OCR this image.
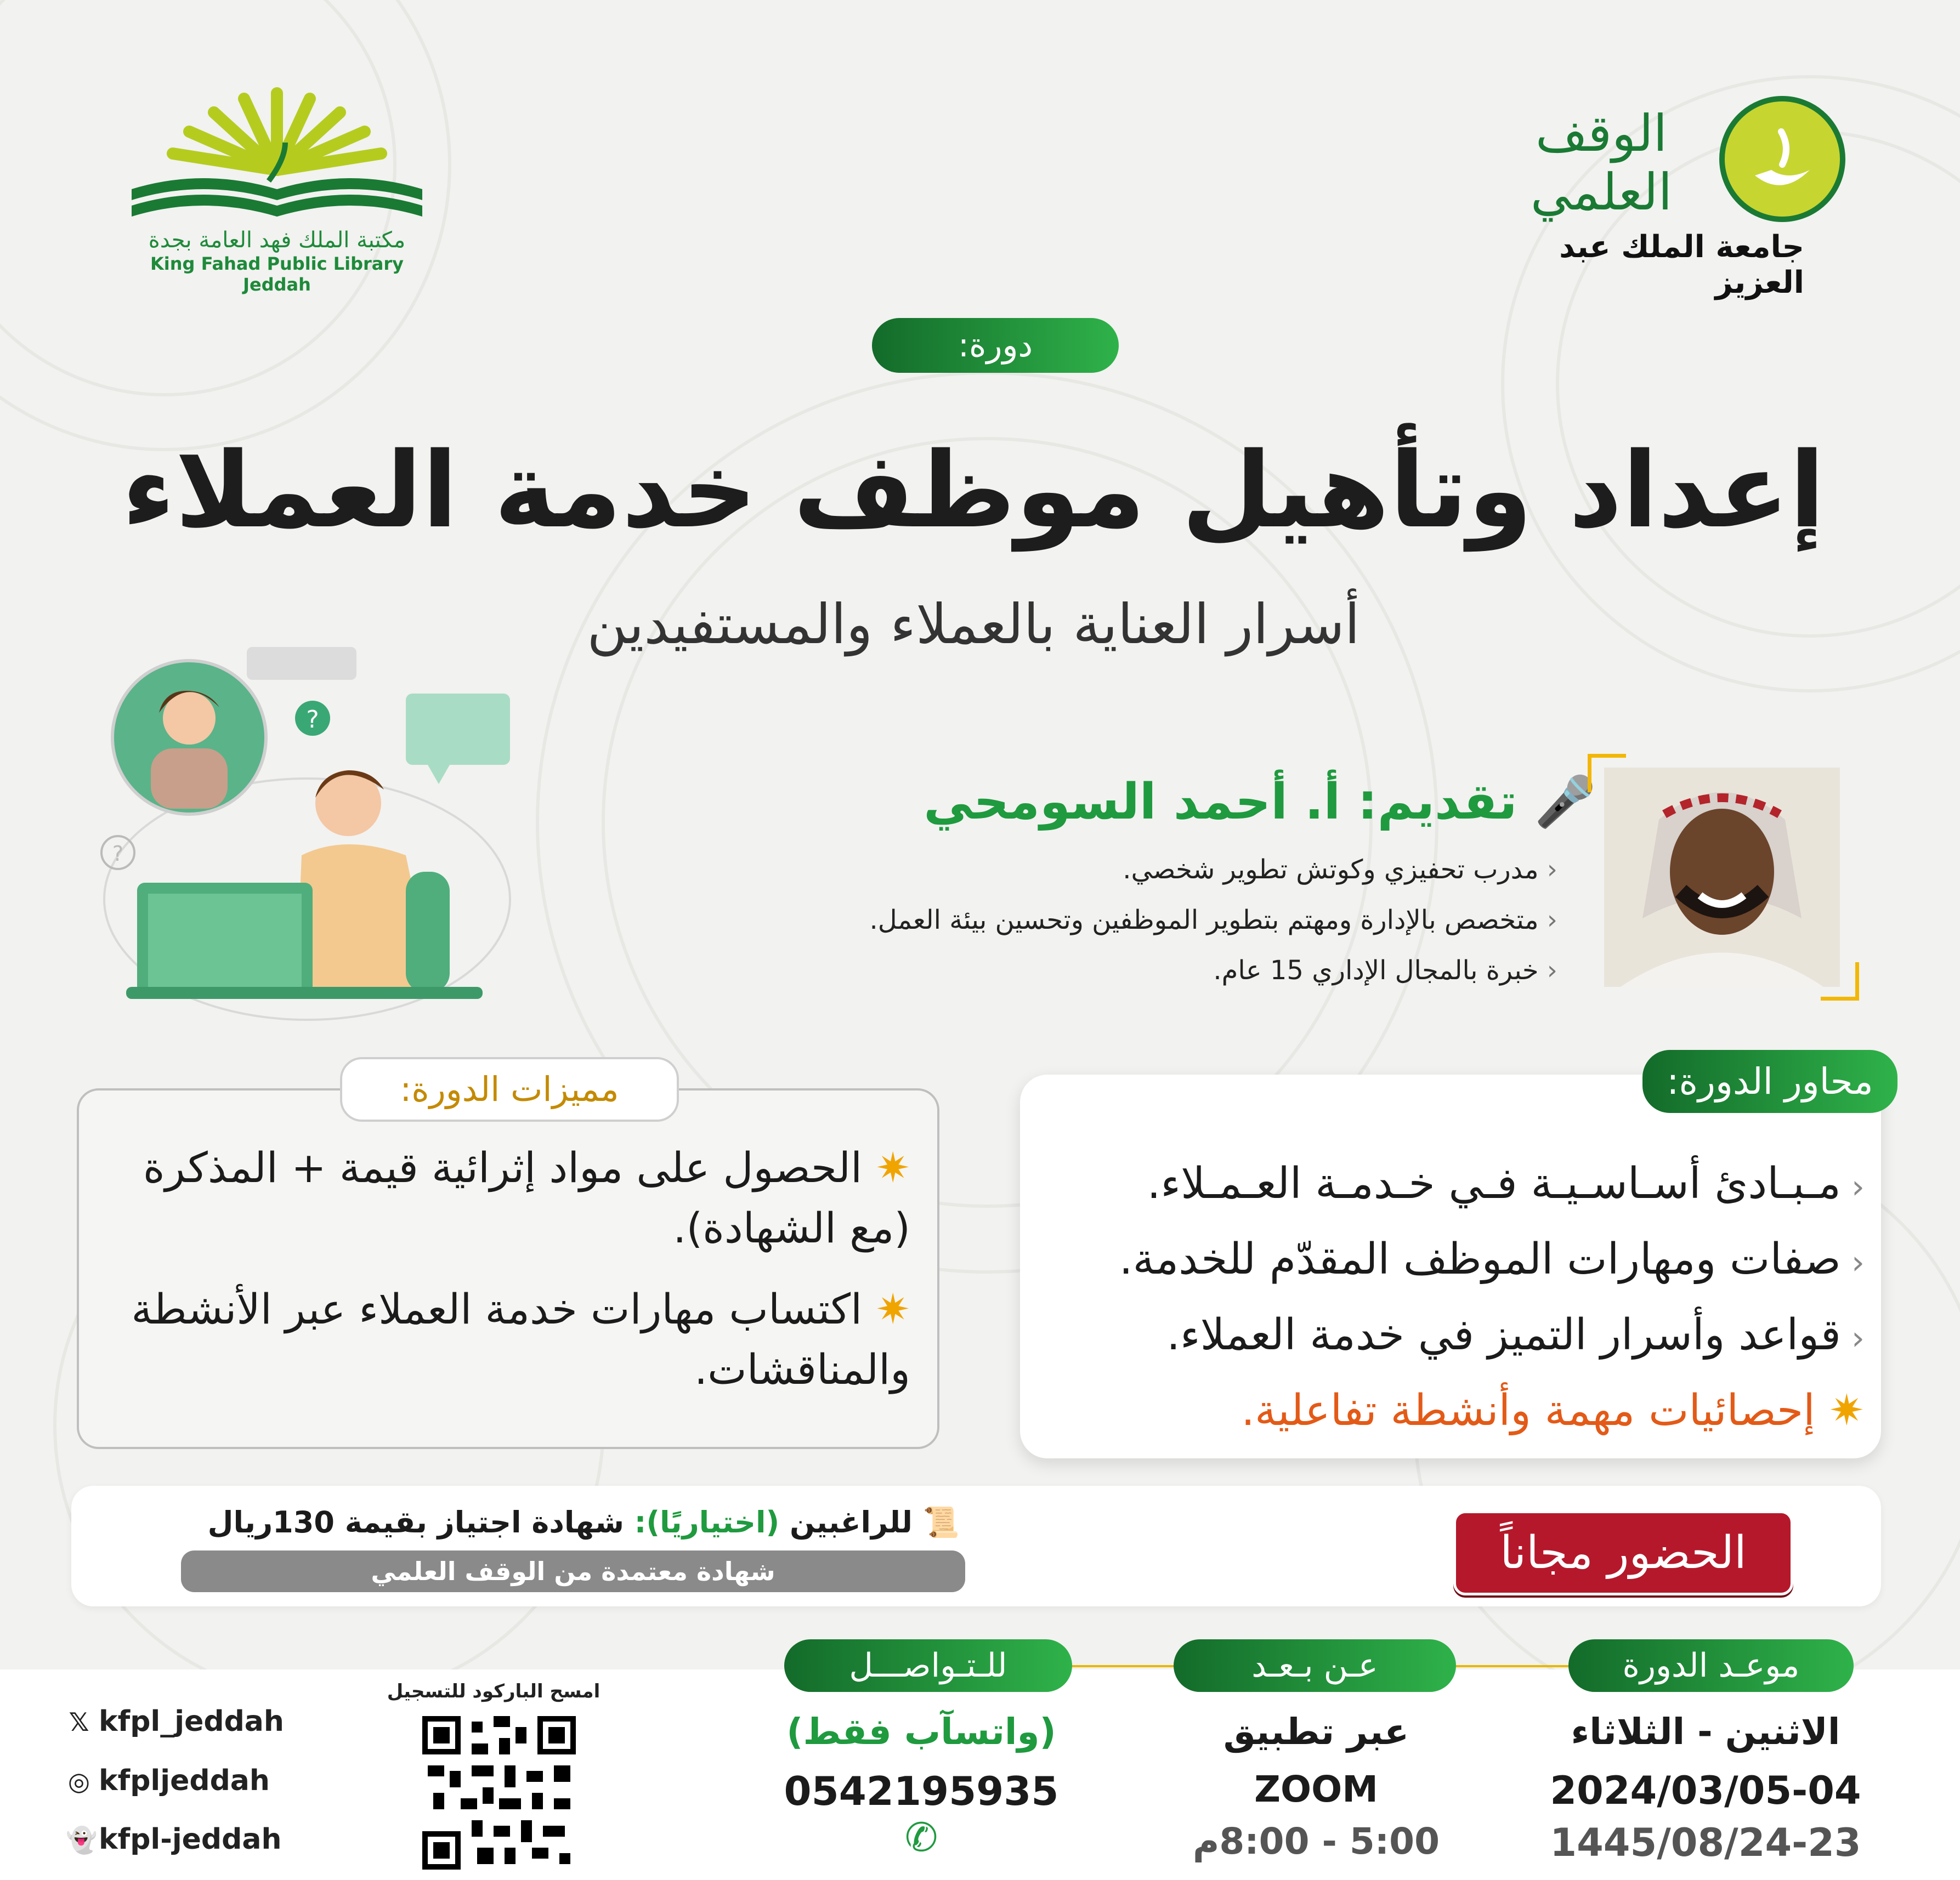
مكتبة الملك فهد العامة بجدة
King Fahad Public Library Jeddah
الوقف العلمي
جامعة الملك عبد العزيز
دورة:
إعداد وتأهيل موظف خدمة العملاء
أسرار العناية بالعملاء والمستفيدين
?
?
🎤 تقديم: أ. أحمد السومحي
‹ مدرب تحفيزي وكوتش تطوير شخصي.
‹ متخصص بالإدارة ومهتم بتطوير الموظفين وتحسين بيئة العمل.
‹ خبرة بالمجال الإداري 15 عام.
محاور الدورة:
‹ مـبـادئ أسـاسـيـة فـي خـدمـة العـمـلاء.
‹ صفات ومهارات الموظف المقدّم للخدمة.
‹ قواعد وأسرار التميز في خدمة العملاء.
✷ إحصائيات مهمة وأنشطة تفاعلية.
مميزات الدورة:
✷ الحصول على مواد إثرائية قيمة + المذكرة (مع الشهادة).
✷ اكتساب مهارات خدمة العملاء عبر الأنشطة والمناقشات.
الحضور مجاناً
📜 للراغبين (اختياريًا): شهادة اجتياز بقيمة 130ريال
شهادة معتمدة من الوقف العلمي
موعـد الدورة
عـن بـعـد
للـتـواصـــل
الاثنين - الثلاثاء
2024/03/05-04
1445/08/24-23
عبر تطبيق
ZOOM
5:00 - 8:00م
(واتسآب فقط)
0542195935 ✆
امسح الباركود للتسجيل
𝕏 kfpl_jeddah
◎ kfpljeddah
👻kfpl-jeddah
